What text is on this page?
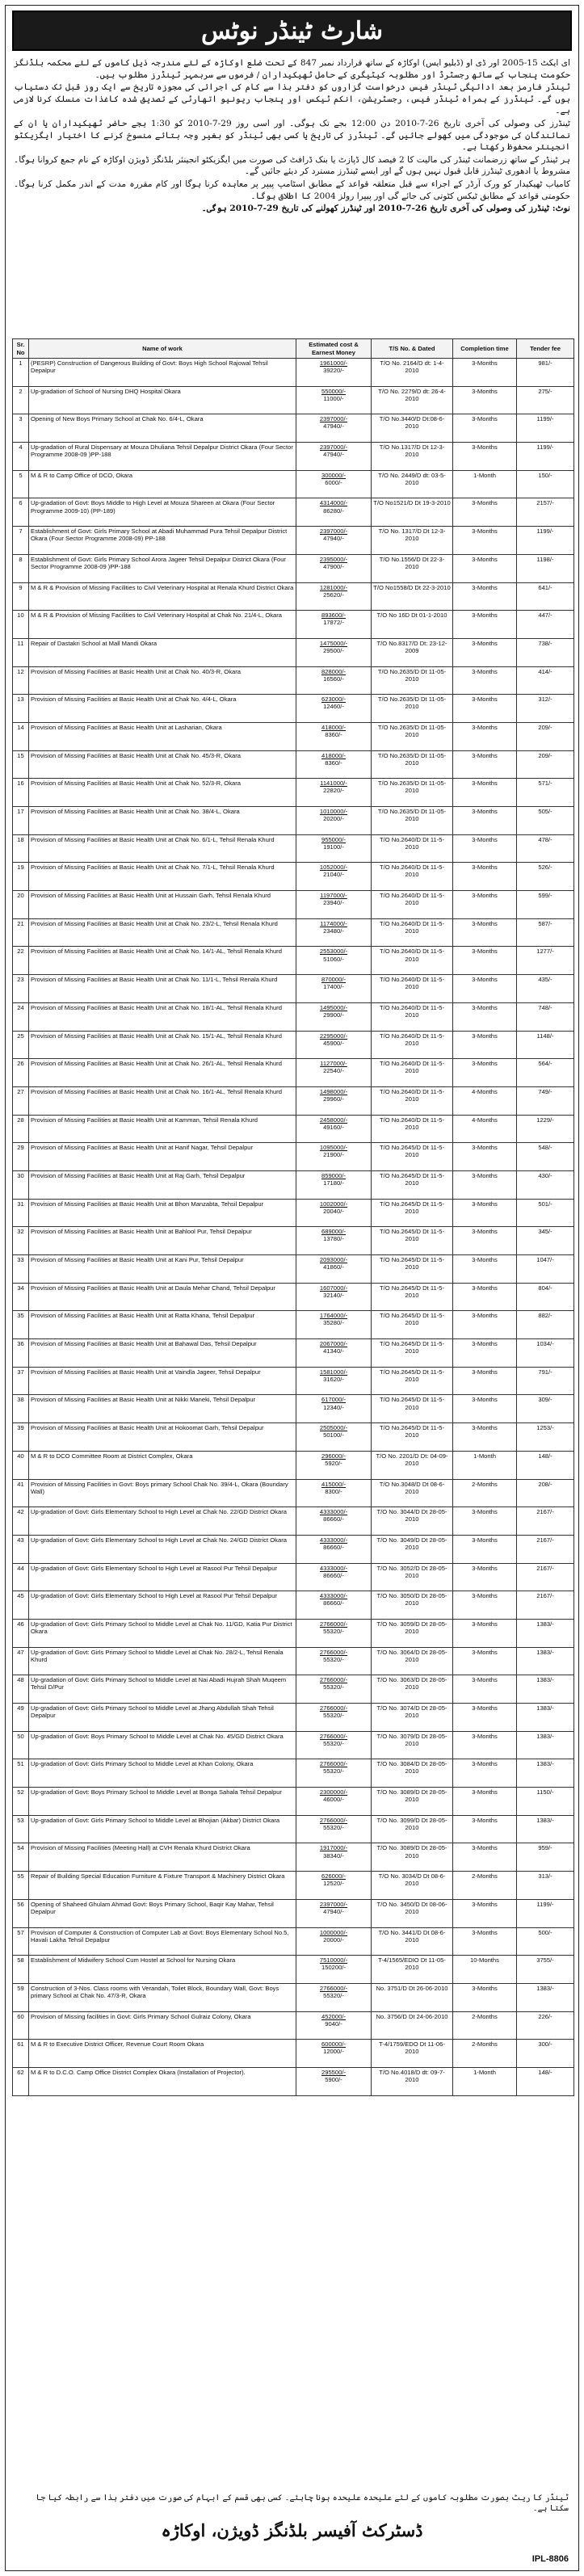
شارٹ ٹینڈر نوٹس

ای ایکٹ 15-2005 اور ڈی او (ڈبلیو ایس) اوکاڑہ کے ساتھ قرارداد نمبر 847 کے تحت ضلع اوکاڑہ کے لئے مندرجہ ذیل کاموں کے لئے محکمہ بلڈنگز حکومت پنجاب کے ساتھ رجسٹرڈ اور مطلوبہ کیٹیگری کے حامل ٹھیکیداران / فرموں سے سربمہر ٹینڈرز مطلوب ہیں۔

ٹینڈر فارمز بعد ادائیگی ٹینڈر فیس درخواست گزاروں کو دفتر ہذا سے کام کی اجرائی کی مجوزہ تاریخ سے ایک روز قبل تک دستیاب ہوں گے۔ ٹینڈرز کے ہمراہ ٹینڈر فیس، رجسٹریشن، انکم ٹیکس اور پنجاب ریونیو اتھارٹی کے تصدیق شدہ کاغذات منسلک کرنا لازمی ہے۔

ٹینڈرز کی وصولی کی آخری تاریخ 26-7-2010 دن 12:00 بجے تک ہوگی۔ اور اسی روز 29-7-2010 کو 1:30 بجے حاضر ٹھیکیداران یا ان کے نمائندگان کی موجودگی میں کھولے جائیں گے۔ ٹینڈرز کی تاریخ یا کسی بھی ٹینڈر کو بغیر وجہ بتائے منسوخ کرنے کا اختیار ایگزیکٹو انجینئر محفوظ رکھتا ہے۔

ہر ٹینڈر کے ساتھ زرضمانت ٹینڈر کی مالیت کا 2 فیصد کال ڈپازٹ یا بنک ڈرافٹ کی صورت میں ایگزیکٹو انجینئر بلڈنگز ڈویژن اوکاڑہ کے نام جمع کروانا ہوگا۔ مشروط یا ادھوری ٹینڈرز قابل قبول نہیں ہوں گے اور ایسے ٹینڈرز مسترد کر دیئے جائیں گے۔

کامیاب ٹھیکیدار کو ورک آرڈر کے اجراء سے قبل متعلقہ قواعد کے مطابق اسٹامپ پیپر پر معاہدہ کرنا ہوگا اور کام مقررہ مدت کے اندر مکمل کرنا ہوگا۔ حکومتی قواعد کے مطابق ٹیکس کٹوتی کی جائے گی اور پیپرا رولز 2004 کا اطلاق ہوگا۔

نوٹ: ٹینڈرز کی وصولی کی آخری تاریخ 26-7-2010 اور ٹینڈرز کھولنے کی تاریخ 29-7-2010 ہوگی۔

Sr. No	Name of work	Estimated cost & Earnest Money	T/S No. & Dated	Completion time	Tender fee
1	(PESRP) Construction of Dangerous Building of Govt: Boys High School Rajowal Tehsil Depalpur	1961000/-
39220/-	T/O No. 2164/D dt: 1-4-2010	3-Months	981/-
2	Up-gradation of School of Nursing DHQ Hospital Okara	550000/-
11000/-	T/O No. 2279/D dt: 26-4-2010	3-Months	275/-
3	Opening of New Boys Primary School at Chak No. 6/4-L, Okara	2397000/-
47940/-	T/O No.3440/D Dt:08-6-2010	3-Months	1199/-
4	Up-gradation of Rural Dispensary at Mouza Dhuliana Tehsil Depalpur District Okara (Four Sector Programme 2008-09 )PP-188	2397000/-
47940/-	T/O No.1317/D Dt 12-3-2010	3-Months	1199/-
5	M & R to Camp Office of DCO, Okara	300000/-
6000/-	T/O No. 2449/D dt: 03-5-2010	1-Month	150/-
6	Up-gradation of Govt: Boys Middle to High Level at Mouza Shareen at Okara (Four Sector Programme 2009-10) (PP-189)	4314000/-
86280/-	T/O No1521/D Dt 19-3-2010	3-Months	2157/-
7	Establishment of Govt: Girls Primary School at Abadi Muhammad Pura Tehsil Depalpur District Okara (Four Sector Programme 2008-09) PP-188	2397000/-
47940/-	T/O No. 1317/D Dt 12-3-2010	3-Months	1199/-
8	Establishment of Govt: Girls Primary School Arora Jageer Tehsil Depalpur District Okara (Four Sector Programme 2008-09 )PP-188	2395000/-
47900/-	T/O No.1556/D Dt 22-3-2010	3-Months	1198/-
9	M & R & Provision of Missing Facilities to Civil Veterinary Hospital at Renala Khurd District Okara	1281000/-
25620/-	T/O No1558/D Dt 22-3-2010	3-Months	641/-
10	M & R & Provision of Missing Facilities to Civil Veterinary Hospital at Chak No. 21/4-L, Okara	893600/-
17872/-	T/O No 16D Dt 01-1-2010	3-Months	447/-
11	Repair of Dastakri School at Mall Mandi Okara	1475000/-
29500/-	T/O No.8317/D Dt: 23-12-2009	3-Months	738/-
12	Provision of Missing Facilities at Basic Health Unit at Chak No. 40/3-R, Okara	828000/-
16560/-	T/O No.2635/D Dt 11-05-2010	3-Months	414/-
13	Provision of Missing Facilities at Basic Health Unit at Chak No. 4/4-L, Okara	623000/-
12460/-	T/O No.2635/D Dt 11-05-2010	3-Months	312/-
14	Provision of Missing Facilities at Basic Health Unit at Lasharian, Okara	418000/-
8360/-	T/O No.2635/D Dt 11-05-2010	3-Months	209/-
15	Provision of Missing Facilities at Basic Health Unit at Chak No. 45/3-R, Okara	418000/-
8360/-	T/O No.2635/D Dt 11-05-2010	3-Months	209/-
16	Provision of Missing Facilities at Basic Health Unit at Chak No. 52/3-R, Okara	1141000/-
22820/-	T/O No.2635/D Dt 11-05-2010	3-Months	571/-
17	Provision of Missing Facilities at Basic Health Unit at Chak No. 38/4-L, Okara	1010000/-
20200/-	T/O No.2635/D Dt 11-05-2010	3-Months	505/-
18	Provision of Missing Facilities at Basic Health Unit at Chak No. 6/1-L, Tehsil Renala Khurd	955000/-
19100/-	T/O No.2640/D Dt 11-5-2010	3-Months	478/-
19	Provision of Missing Facilities at Basic Health Unit at Chak No. 7/1-L, Tehsil Renala Khurd	1052000/-
21040/-	T/O No.2640/D Dt 11-5-2010	3-Months	526/-
20	Provision of Missing Facilities at Basic Health Unit at Hussain Garh, Tehsil Renala Khurd	1197000/-
23940/-	T/O No.2640/D Dt 11-5-2010	3-Months	599/-
21	Provision of Missing Facilities at Basic Health Unit at Chak No. 23/2-L, Tehsil Renala Khurd	1174000/-
23480/-	T/O No.2640/D Dt 11-5-2010	3-Months	587/-
22	Provision of Missing Facilities at Basic Health Unit at Chak No. 14/1-AL, Tehsil Renala Khurd	2553000/-
51060/-	T/O No.2640/D Dt 11-5-2010	3-Months	1277/-
23	Provision of Missing Facilities at Basic Health Unit at Chak No. 11/1-L, Tehsil Renala Khurd	870000/-
17400/-	T/O No.2640/D Dt 11-5-2010	3-Months	435/-
24	Provision of Missing Facilities at Basic Health Unit at Chak No. 18/1-AL, Tehsil Renala Khurd	1495000/-
29900/-	T/O No.2640/D Dt 11-5-2010	3-Months	748/-
25	Provision of Missing Facilities at Basic Health Unit at Chak No. 15/1-AL, Tehsil Renala Khurd	2295000/-
45900/-	T/O No.2640/D Dt 11-5-2010	3-Months	1148/-
26	Provision of Missing Facilities at Basic Health Unit at Chak No. 26/1-AL, Tehsil Renala Khurd	1127000/-
22540/-	T/O No.2640/D Dt 11-5-2010	3-Months	564/-
27	Provision of Missing Facilities at Basic Health Unit at Chak No. 16/1-AL, Tehsil Renala Khurd	1498000/-
29960/-	T/O No.2640/D Dt 11-5-2010	4-Months	749/-
28	Provision of Missing Facilities at Basic Health Unit at Kamman, Tehsil Renala Khurd	2458000/-
49160/-	T/O No.2640/D Dt 11-5-2010	4-Months	1229/-
29	Provision of Missing Facilities at Basic Health Unit at Hanif Nagar, Tehsil Depalpur	1095000/-
21900/-	T/O No.2645/D Dt 11-5-2010	3-Months	548/-
30	Provision of Missing Facilities at Basic Health Unit at Raj Garh, Tehsil Depalpur	859000/-
17180/-	T/O No.2645/D Dt 11-5-2010	3-Months	430/-
31	Provision of Missing Facilities at Basic Health Unit at Bhon Manzabta, Tehsil Depalpur	1002000/-
20040/-	T/O No.2645/D Dt 11-5-2010	3-Months	501/-
32	Provision of Missing Facilities at Basic Health Unit at Bahlool Pur, Tehsil Depalpur	689000/-
13780/-	T/O No.2645/D Dt 11-5-2010	3-Months	345/-
33	Provision of Missing Facilities at Basic Health Unit at Kani Pur, Tehsil Depalpur	2093000/-
41860/-	T/O No.2645/D Dt 11-5-2010	3-Months	1047/-
34	Provision of Missing Facilities at Basic Health Unit at Daula Mehar Chand, Tehsil Depalpur	1607000/-
32140/-	T/O No.2645/D Dt 11-5-2010	3-Months	804/-
35	Provision of Missing Facilities at Basic Health Unit at Ratta Khana, Tehsil Depalpur	1764000/-
35280/-	T/O No.2645/D Dt 11-5-2010	3-Months	882/-
36	Provision of Missing Facilities at Basic Health Unit at Bahawal Das, Tehsil Depalpur	2067000/-
41340/-	T/O No.2645/D Dt 11-5-2010	3-Months	1034/-
37	Provision of Missing Facilities at Basic Health Unit at Vaindla Jageer, Tehsil Depalpur	1581000/-
31620/-	T/O No.2645/D Dt 11-5-2010	3-Months	791/-
38	Provision of Missing Facilities at Basic Health Unit at Nikki Maneki, Tehsil Depalpur	617000/-
12340/-	T/O No.2645/D Dt 11-5-2010	3-Months	309/-
39	Provision of Missing Facilities at Basic Health Unit at Hokoomat Garh, Tehsil Depalpur	2505000/-
50100/-	T/O No.2645/D Dt 11-5-2010	3-Months	1253/-
40	M & R to DCO Committee Room at District Complex, Okara	296000/-
5920/-	T/O No. 2201/D Dt: 04-09-2010	1-Month	148/-
41	Provision of Missing Facilities in Govt: Boys primary School Chak No. 39/4-L, Okara (Boundary Wall)	415000/-
8300/-	T/O No.3048/D Dt 08-6-2010	2-Months	208/-
42	Up-gradation of Govt: Girls Elementary School to High Level at Chak No. 22/GD District Okara	4333000/-
86660/-	T/O No. 3044/D Dt 28-05-2010	3-Months	2167/-
43	Up-gradation of Govt: Girls Elementary School to High Level at Chak No. 24/GD District Okara	4333000/-
86660/-	T/O No. 3049/D Dt 28-05-2010	3-Months	2167/-
44	Up-gradation of Govt: Girls Elementary School to High Level at Rasool Pur Tehsil Depalpur	4333000/-
86660/-	T/O No. 3052/D Dt 28-05-2010	3-Months	2167/-
45	Up-gradation of Govt: Girls Elementary School to High Level at Rasool Pur Tehsil Depalpur	4333000/-
86660/-	T/O No. 3050/D Dt 28-05-2010	3-Months	2167/-
46	Up-gradation of Govt: Girls Primary School to Middle Level at Chak No. 11/GD, Katia Pur District Okara	2766000/-
55320/-	T/O No. 3059/D Dt 28-05-2010	3-Months	1383/-
47	Up-gradation of Govt: Girls Primary School to Middle Level at Chak No. 28/2-L, Tehsil Renala Khurd	2766000/-
55320/-	T/O No. 3064/D Dt 28-05-2010	3-Months	1383/-
48	Up-gradation of Govt: Girls Primary School to Middle Level at Nai Abadi Hujrah Shah Muqeem Tehsil D/Pur	2766000/-
55320/-	T/O No. 3063/D Dt 28-05-2010	3-Months	1383/-
49	Up-gradation of Govt: Girls Primary School to Middle Level at Jhang Abdullah Shah Tehsil Depalpur	2766000/-
55320/-	T/O No. 3074/D Dt 28-05-2010	3-Months	1383/-
50	Up-gradation of Govt: Boys Primary School to Middle Level at Chak No. 45/GD District Okara	2766000/-
55320/-	T/O No. 3079/D Dt 28-05-2010	3-Months	1383/-
51	Up-gradation of Govt: Girls Primary School to Middle Level at Khan Colony, Okara	2766000/-
55320/-	T/O No. 3084/D Dt 28-05-2010	3-Months	1383/-
52	Up-gradation of Govt: Boys Primary School to Middle Level at Bonga Sahala Tehsil Depalpur	2300000/-
46000/-	T/O No. 3089/D Dt 28-05-2010	3-Months	1150/-
53	Up-gradation of Govt: Girls Primary School to Middle Level at Bhojian (Akbar) District Okara	2766000/-
55320/-	T/O No. 3099/D Dt 28-05-2010	3-Months	1383/-
54	Provision of Missing Facilities (Meeting Hall) at CVH Renala Khurd District Okara	1917000/-
38340/-	T/O No. 3089/D Dt 28-05-2010	3-Months	959/-
55	Repair of Building Special Education Furniture & Fixture Transport & Machinery District Okara	626000/-
12520/-	T/O No. 3034/D Dt 08-6-2010	2-Months	313/-
56	Opening of Shaheed Ghulam Ahmad Govt: Boys Primary School, Baqir Kay Mahar, Tehsil Depalpur	2397000/-
47940/-	T/O No. 3450/D Dt 08-06-2010	3-Months	1199/-
57	Provision of Computer & Construction of Computer Lab at Govt: Boys Elementary School No.5, Havali Lakha Tehsil Depalpur	1000000/-
20000/-	T/O No. 3441/D Dt 08-6-2010	3-Months	500/-
58	Establishment of Midwifery School Cum Hostel at School for Nursing Okara	7510000/-
150200/-	T-4/1565/EDIO Dt 11-05-2010	10-Months	3755/-
59	Construction of 3-Nos. Class rooms with Verandah, Toilet Block, Boundary Wall, Govt: Boys primary School at Chak No. 47/3-R, Okara	2766000/-
55320/-	No. 3751/D Dt 26-06-2010	3-Months	1383/-
60	Provision of Missing facilities in Govt: Girls Primary School Gulraiz Colony, Okara	452000/-
9040/-	No. 3756/D Dt 24-06-2010	2-Months	226/-
61	M & R to Executive District Officer, Revenue Court Room Okara	600000/-
12000/-	T-4/1759/EDO Dt 11-06-2010	2-Months	300/-
62	M & R to D.C.O. Camp Office District Complex Okara (Installation of Projector).	295500/-
5900/-	T/O No.4018/D dt: 09-7-2010	1-Month	148/-
ٹینڈر کا ریٹ بصورت مطلوبہ کاموں کے لئے علیحدہ علیحدہ ہونا چاہئے۔ کسی بھی قسم کے ابہام کی صورت میں دفتر ہذا سے رابطہ کیا جا سکتا ہے۔
ڈسٹرکٹ آفیسر بلڈنگز ڈویژن، اوکاڑہ
IPL-8806
